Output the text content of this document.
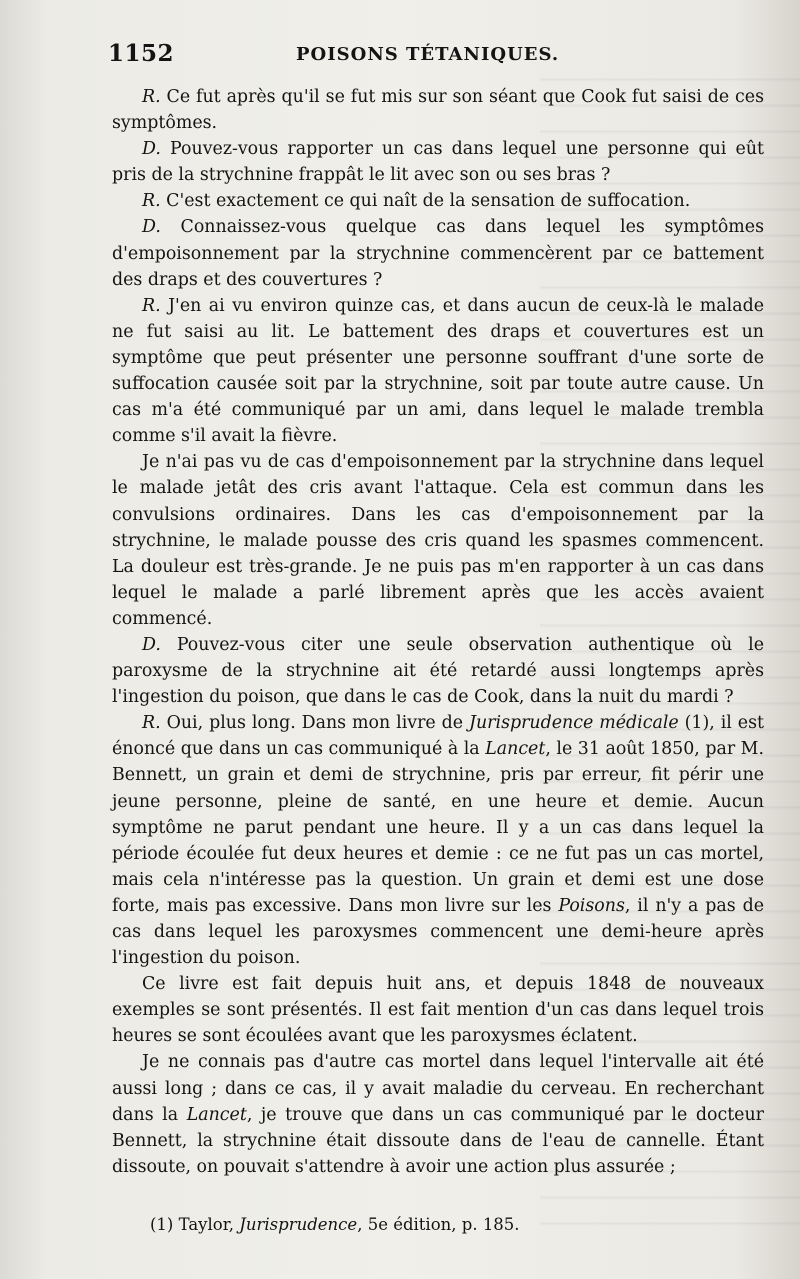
1152	POISONS TÉTANIQUES.

R. Ce fut après qu'il se fut mis sur son séant que Cook fut saisi de ces symptômes.

D. Pouvez-vous rapporter un cas dans lequel une personne qui eût pris de la strychnine frappât le lit avec son ou ses bras ?

R. C'est exactement ce qui naît de la sensation de suffocation.

D. Connaissez-vous quelque cas dans lequel les symptômes d'empoisonnement par la strychnine commencèrent par ce battement des draps et des couvertures ?

R. J'en ai vu environ quinze cas, et dans aucun de ceux-là le malade ne fut saisi au lit. Le battement des draps et couvertures est un symptôme que peut présenter une personne souffrant d'une sorte de suffocation causée soit par la strychnine, soit par toute autre cause. Un cas m'a été communiqué par un ami, dans lequel le malade tremblа comme s'il avait la fièvre.

Je n'ai pas vu de cas d'empoisonnement par la strychnine dans lequel le malade jetât des cris avant l'attaque. Cela est commun dans les convulsions ordinaires. Dans les cas d'empoisonnement par la strychnine, le malade pousse des cris quand les spasmes commencent. La douleur est très-grande. Je ne puis pas m'en rapporter à un cas dans lequel le malade a parlé librement après que les accès avaient commencé.

D. Pouvez-vous citer une seule observation authentique où le paroxysme de la strychnine ait été retardé aussi longtemps après l'ingestion du poison, que dans le cas de Cook, dans la nuit du mardi ?

R. Oui, plus long. Dans mon livre de Jurisprudence médicale (1), il est énoncé que dans un cas communiqué à la Lancet, le 31 août 1850, par M. Bennett, un grain et demi de strychnine, pris par erreur, fit périr une jeune personne, pleine de santé, en une heure et demie. Aucun symptôme ne parut pendant une heure. Il y a un cas dans lequel la période écoulée fut deux heures et demie : ce ne fut pas un cas mortel, mais cela n'intéresse pas la question. Un grain et demi est une dose forte, mais pas excessive. Dans mon livre sur les Poisons, il n'y a pas de cas dans lequel les paroxysmes commencent une demi-heure après l'ingestion du poison.

Ce livre est fait depuis huit ans, et depuis 1848 de nouveaux exemples se sont présentés. Il est fait mention d'un cas dans lequel trois heures se sont écoulées avant que les paroxysmes éclatent.

Je ne connais pas d'autre cas mortel dans lequel l'intervalle ait été aussi long ; dans ce cas, il y avait maladie du cerveau. En recherchant dans la Lancet, je trouve que dans un cas communiqué par le docteur Bennett, la strychnine était dissoute dans de l'eau de cannelle. Étant dissoute, on pouvait s'attendre à avoir une action plus assurée ;

(1) Taylor, Jurisprudence, 5e édition, p. 185.
